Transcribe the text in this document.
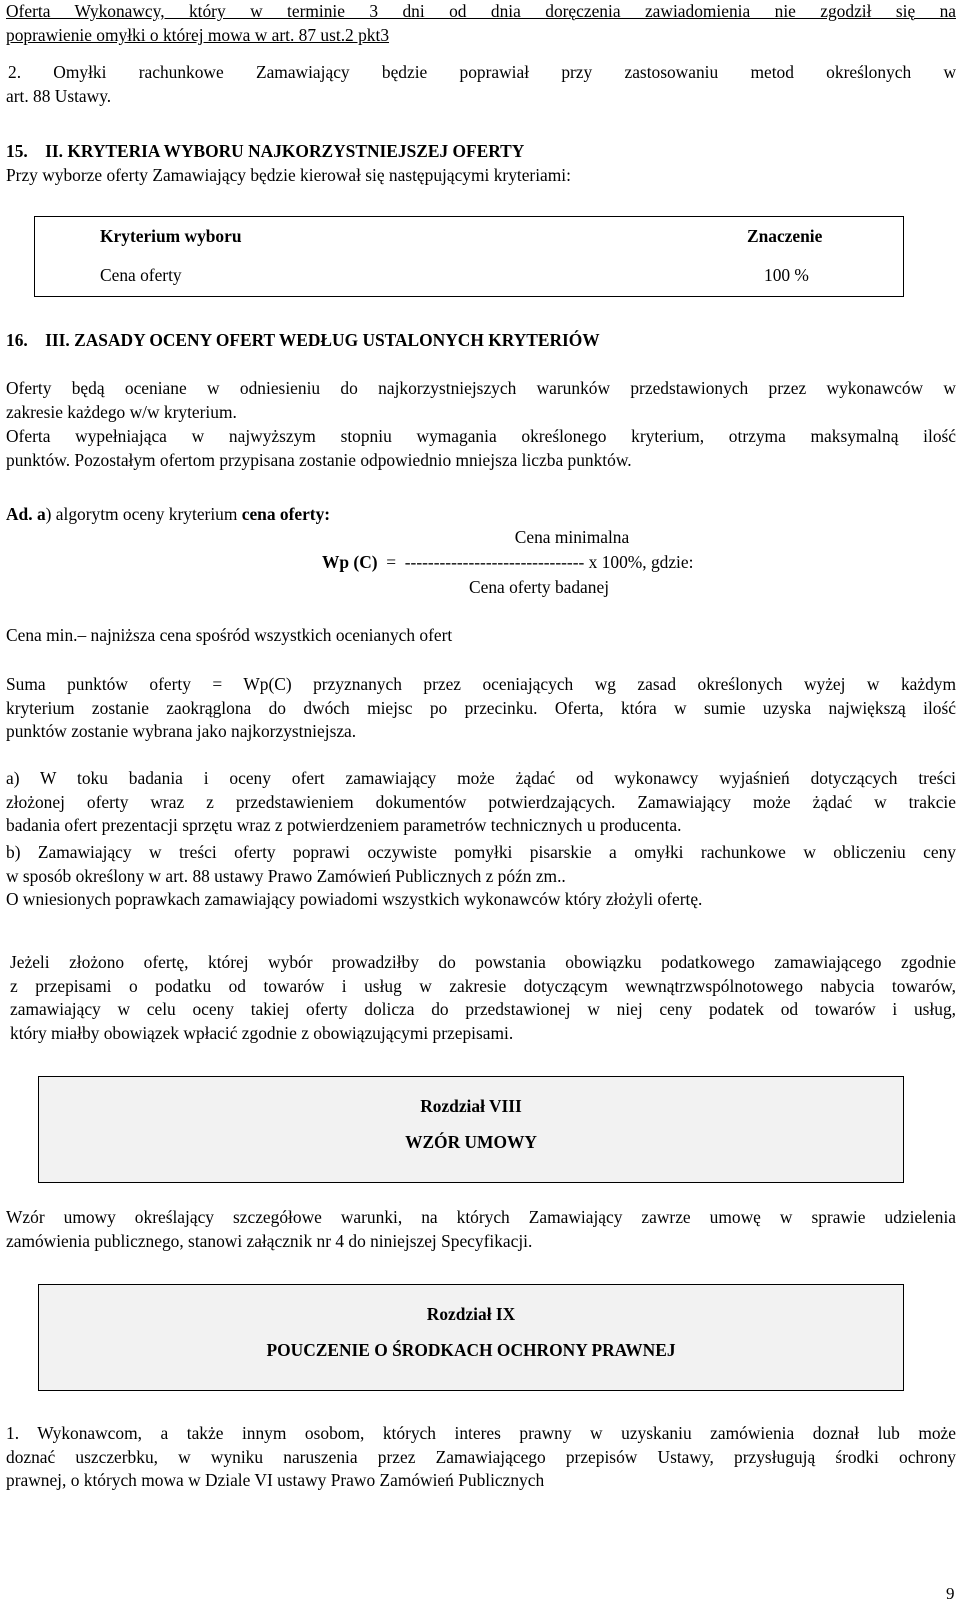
Oferta Wykonawcy, który w terminie 3 dni od dnia doręczenia zawiadomienia nie zgodził się na
poprawienie omyłki o której mowa w art. 87 ust.2 pkt3
2. Omyłki rachunkowe Zamawiający będzie poprawiał przy zastosowaniu metod określonych w
art. 88 Ustawy.
15.    II. KRYTERIA WYBORU NAJKORZYSTNIEJSZEJ OFERTY
Przy wyborze oferty Zamawiający będzie kierował się następującymi kryteriami:
Kryterium wyboru	Znaczenie
Cena oferty	100 %
16.    III. ZASADY OCENY OFERT WEDŁUG USTALONYCH KRYTERIÓW
Oferty będą oceniane w odniesieniu do najkorzystniejszych warunków przedstawionych przez wykonawców w
zakresie każdego w/w kryterium.
Oferta wypełniająca w najwyższym stopniu wymagania określonego kryterium, otrzyma maksymalną ilość
punktów. Pozostałym ofertom przypisana zostanie odpowiednio mniejsza liczba punktów.
Ad. a) algorytm oceny kryterium cena oferty:
Cena minimalna
Wp (C)  =  ------------------------------- x 100%, gdzie:
Cena oferty badanej
Cena min.– najniższa cena spośród wszystkich ocenianych ofert
Suma punktów oferty = Wp(C) przyznanych przez oceniających wg zasad określonych wyżej w każdym
kryterium zostanie zaokrąglona do dwóch miejsc po przecinku. Oferta, która w sumie uzyska największą ilość
punktów zostanie wybrana jako najkorzystniejsza.
a) W toku badania i oceny ofert zamawiający może żądać od wykonawcy wyjaśnień dotyczących treści
złożonej oferty wraz z przedstawieniem dokumentów potwierdzających. Zamawiający może żądać w trakcie
badania ofert prezentacji sprzętu wraz z potwierdzeniem parametrów technicznych u producenta.
b) Zamawiający w treści oferty poprawi oczywiste pomyłki pisarskie a omyłki rachunkowe w obliczeniu ceny
w sposób określony w art. 88 ustawy Prawo Zamówień Publicznych z późn zm..
O wniesionych poprawkach zamawiający powiadomi wszystkich wykonawców który złożyli ofertę.
Jeżeli złożono ofertę, której wybór prowadziłby do powstania obowiązku podatkowego zamawiającego zgodnie
z przepisami o podatku od towarów i usług w zakresie dotyczącym wewnątrzwspólnotowego nabycia towarów,
zamawiający w celu oceny takiej oferty dolicza do przedstawionej w niej ceny podatek od towarów i usług,
który miałby obowiązek wpłacić zgodnie z obowiązującymi przepisami.
Rozdział VIII
WZÓR UMOWY
Wzór umowy określający szczegółowe warunki, na których Zamawiający zawrze umowę w sprawie udzielenia
zamówienia publicznego, stanowi załącznik nr 4 do niniejszej Specyfikacji.
Rozdział IX
POUCZENIE O ŚRODKACH OCHRONY PRAWNEJ
1. Wykonawcom, a także innym osobom, których interes prawny w uzyskaniu zamówienia doznał lub może
doznać uszczerbku, w wyniku naruszenia przez Zamawiającego przepisów Ustawy, przysługują środki ochrony
prawnej, o których mowa w Dziale VI ustawy Prawo Zamówień Publicznych
9
